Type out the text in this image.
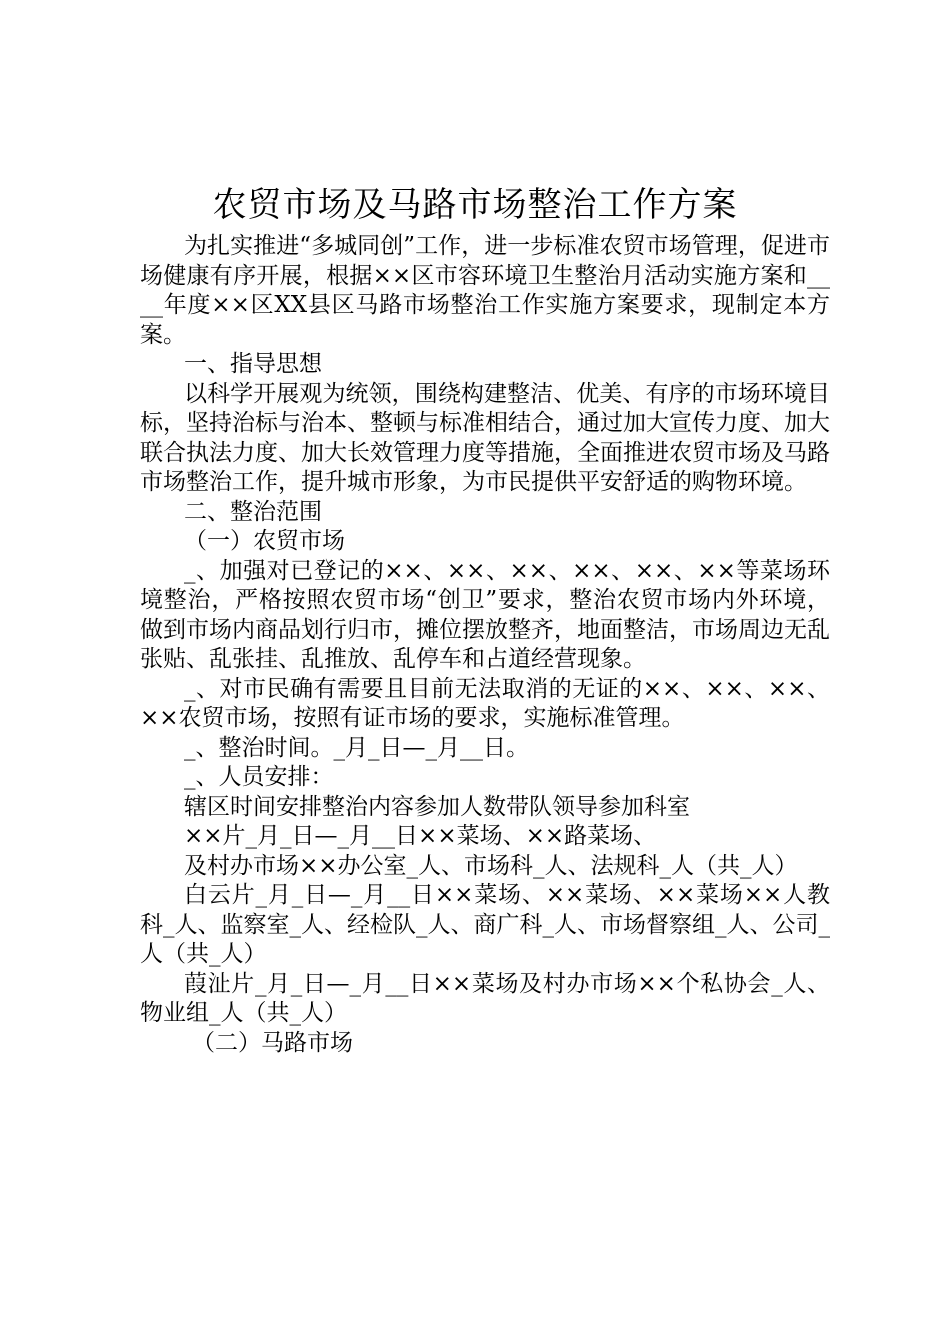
农贸市场及马路市场整治工作方案

为扎实推进“多城同创”工作，进一步标准农贸市场管理，促进市场健康有序开展，根据××区市容环境卫生整治月活动实施方案和____年度××区XX县区马路市场整治工作实施方案要求，现制定本方案。

一、指导思想

以科学开展观为统领，围绕构建整洁、优美、有序的市场环境目标，坚持治标与治本、整顿与标准相结合，通过加大宣传力度、加大联合执法力度、加大长效管理力度等措施，全面推进农贸市场及马路市场整治工作，提升城市形象，为市民提供平安舒适的购物环境。

二、整治范围

（一）农贸市场

_、加强对已登记的××、××、××、××、××、××等菜场环境整治，严格按照农贸市场“创卫”要求，整治农贸市场内外环境，做到市场内商品划行归市，摊位摆放整齐，地面整洁，市场周边无乱张贴、乱张挂、乱推放、乱停车和占道经营现象。

_、对市民确有需要且目前无法取消的无证的××、××、××、××农贸市场，按照有证市场的要求，实施标准管理。

_、整治时间。_月_日—_月__日。

_、人员安排：

辖区时间安排整治内容参加人数带队领导参加科室

××片_月_日—_月__日××菜场、××路菜场、

及村办市场××办公室_人、市场科_人、法规科_人（共_人）

白云片_月_日—_月__日××菜场、××菜场、××菜场××人教科_人、监察室_人、经检队_人、商广科_人、市场督察组_人、公司_人（共_人）

葭沚片_月_日—_月__日××菜场及村办市场××个私协会_人、物业组_人（共_人）

（二）马路市场
